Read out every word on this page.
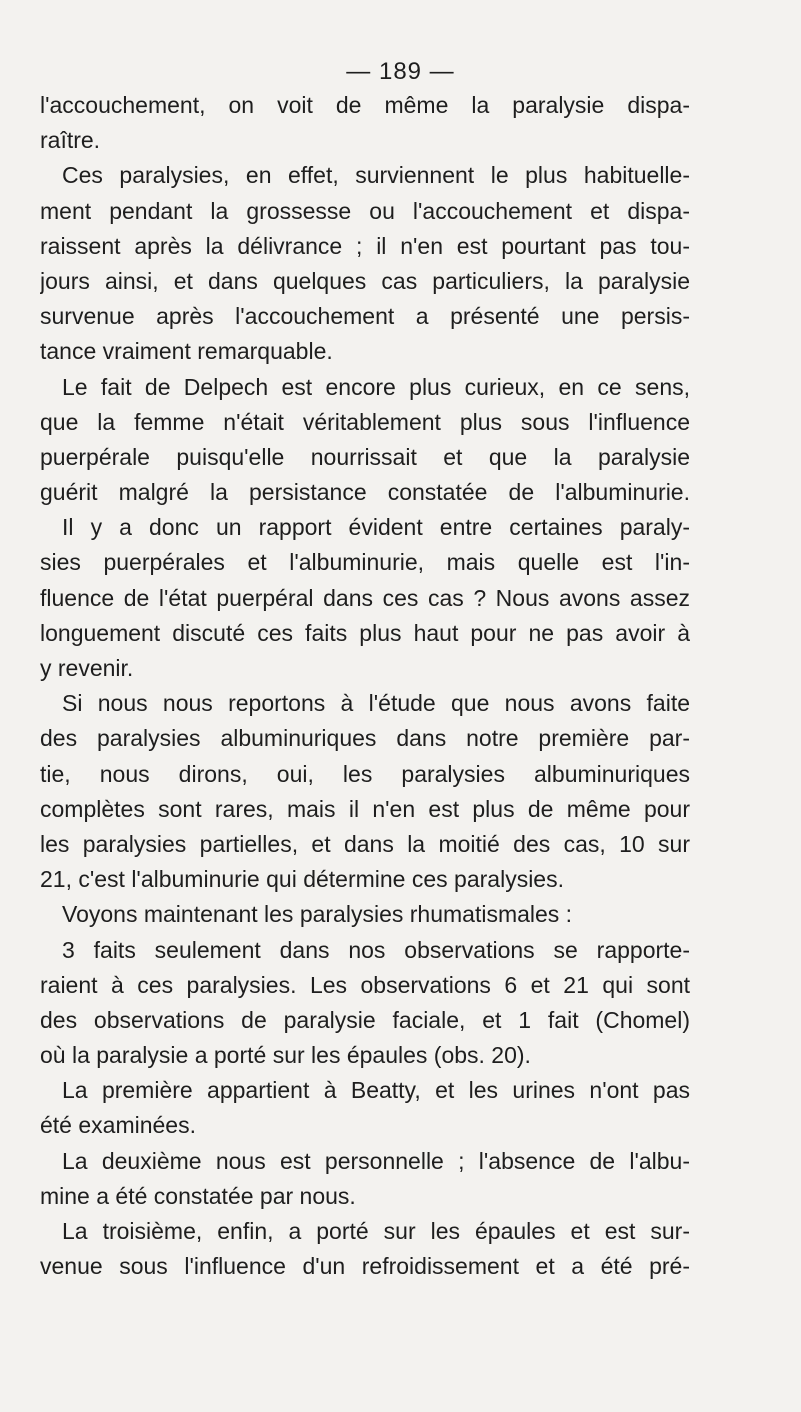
— 189 —
l'accouchement, on voit de même la paralysie dispa-
raître.
Ces paralysies, en effet, surviennent le plus habituelle-
ment pendant la grossesse ou l'accouchement et dispa-
raissent après la délivrance ; il n'en est pourtant pas tou-
jours ainsi, et dans quelques cas particuliers, la paralysie
survenue après l'accouchement a présenté une persis-
tance vraiment remarquable.
Le fait de Delpech est encore plus curieux, en ce sens,
que la femme n'était véritablement plus sous l'influence
puerpérale puisqu'elle nourrissait et que la paralysie
guérit malgré la persistance constatée de l'albuminurie.
Il y a donc un rapport évident entre certaines paraly-
sies puerpérales et l'albuminurie, mais quelle est l'in-
fluence de l'état puerpéral dans ces cas ? Nous avons assez
longuement discuté ces faits plus haut pour ne pas avoir à
y revenir.
Si nous nous reportons à l'étude que nous avons faite
des paralysies albuminuriques dans notre première par-
tie, nous dirons, oui, les paralysies albuminuriques
complètes sont rares, mais il n'en est plus de même pour
les paralysies partielles, et dans la moitié des cas, 10 sur
21, c'est l'albuminurie qui détermine ces paralysies.
Voyons maintenant les paralysies rhumatismales :
3 faits seulement dans nos observations se rapporte-
raient à ces paralysies. Les observations 6 et 21 qui sont
des observations de paralysie faciale, et 1 fait (Chomel)
où la paralysie a porté sur les épaules (obs. 20).
La première appartient à Beatty, et les urines n'ont pas
été examinées.
La deuxième nous est personnelle ; l'absence de l'albu-
mine a été constatée par nous.
La troisième, enfin, a porté sur les épaules et est sur-
venue sous l'influence d'un refroidissement et a été pré-
